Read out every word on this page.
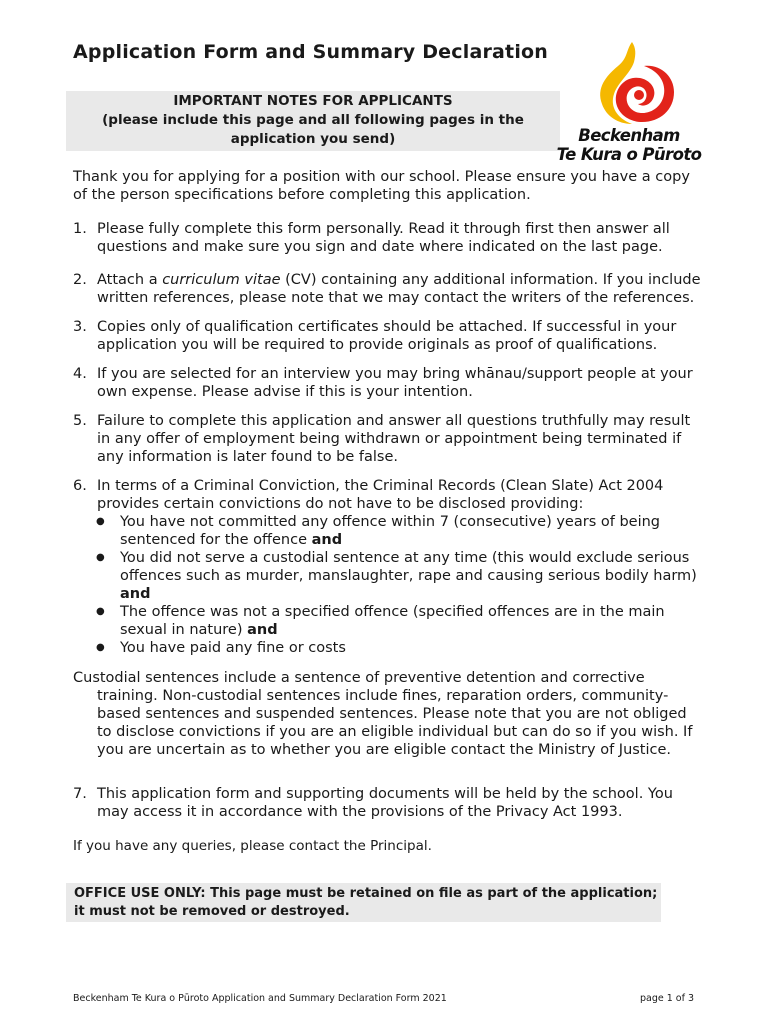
Application Form and Summary Declaration
IMPORTANT NOTES FOR APPLICANTS
(please include this page and all following pages in the
application you send)	Beckenham
Te Kura o Pūroto

Thank you for applying for a position with our school. Please ensure you have a copy of the person specifications before completing this application.

1. Please fully complete this form personally. Read it through first then answer all questions and make sure you sign and date where indicated on the last page.
2. Attach a curriculum vitae (CV) containing any additional information. If you include written references, please note that we may contact the writers of the references.
3. Copies only of qualification certificates should be attached. If successful in your application you will be required to provide originals as proof of qualifications.
4. If you are selected for an interview you may bring whānau/support people at your own expense. Please advise if this is your intention.
5. Failure to complete this application and answer all questions truthfully may result in any offer of employment being withdrawn or appointment being terminated if any information is later found to be false.
6. In terms of a Criminal Conviction, the Criminal Records (Clean Slate) Act 2004 provides certain convictions do not have to be disclosed providing:
● You have not committed any offence within 7 (consecutive) years of being sentenced for the offence and
● You did not serve a custodial sentence at any time (this would exclude serious offences such as murder, manslaughter, rape and causing serious bodily harm) and
● The offence was not a specified offence (specified offences are in the main sexual in nature) and
● You have paid any fine or costs

Custodial sentences include a sentence of preventive detention and corrective training. Non-custodial sentences include fines, reparation orders, community-based sentences and suspended sentences. Please note that you are not obliged to disclose convictions if you are an eligible individual but can do so if you wish. If you are uncertain as to whether you are eligible contact the Ministry of Justice.

7. This application form and supporting documents will be held by the school. You may access it in accordance with the provisions of the Privacy Act 1993.

If you have any queries, please contact the Principal.

OFFICE USE ONLY: This page must be retained on file as part of the application; it must not be removed or destroyed.
Beckenham Te Kura o Pūroto Application and Summary Declaration Form 2021	page 1 of 3
